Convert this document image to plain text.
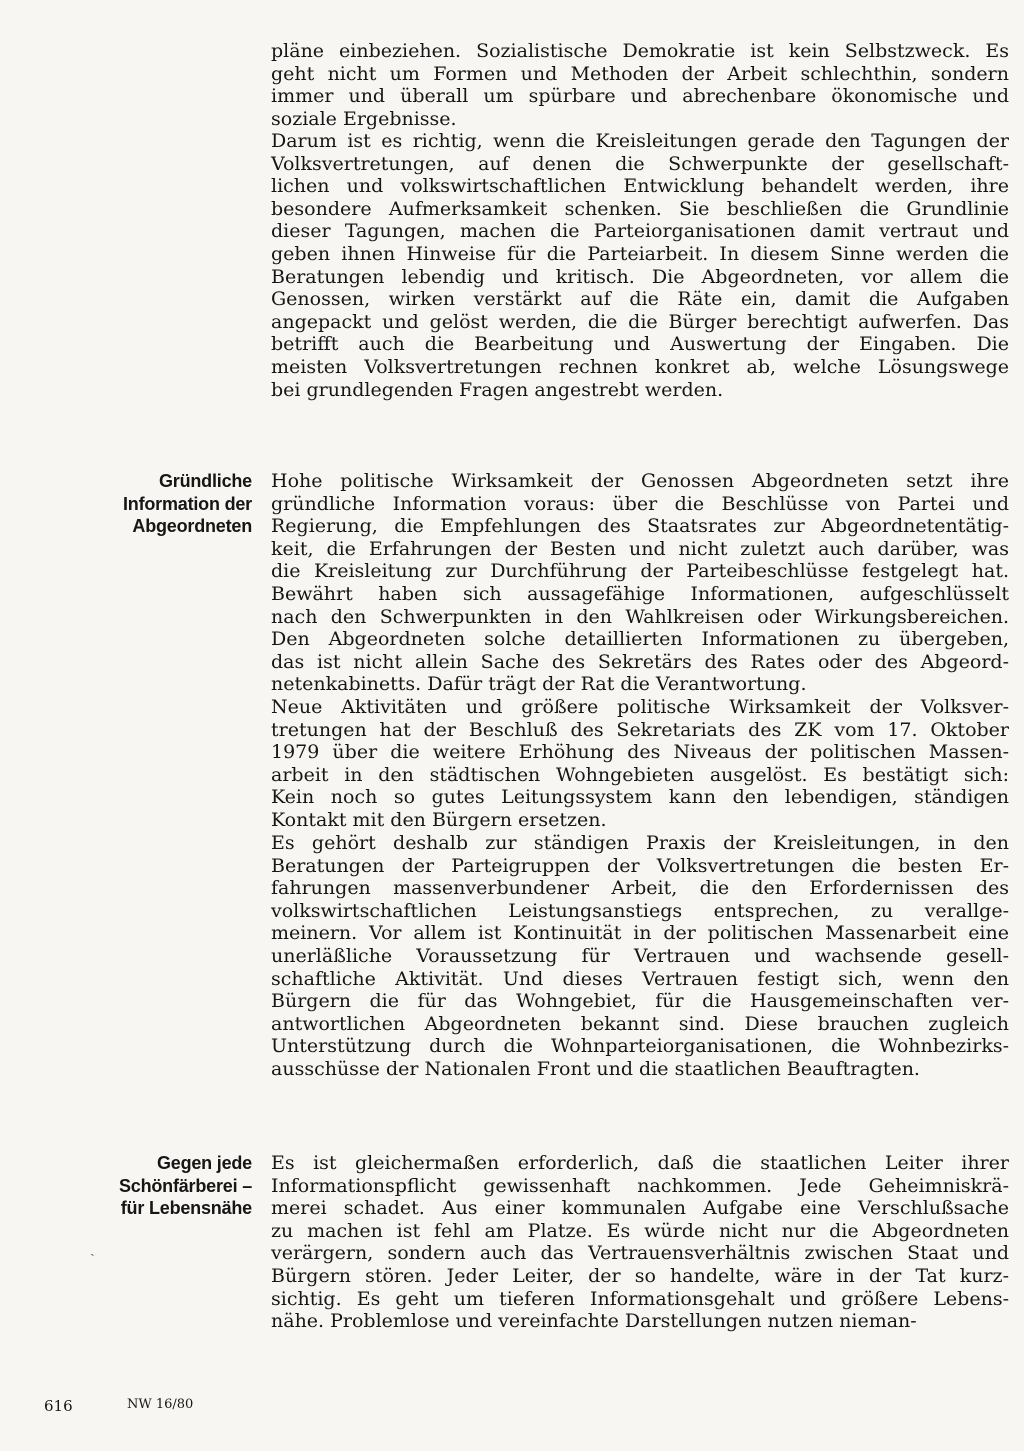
pläne einbeziehen. Sozialistische Demokratie ist kein Selbstzweck. Es
geht nicht um Formen und Methoden der Arbeit schlechthin, sondern
immer und überall um spürbare und abrechenbare ökonomische und
soziale Ergebnisse.

Darum ist es richtig, wenn die Kreisleitungen gerade den Tagungen der
Volksvertretungen, auf denen die Schwerpunkte der gesellschaft-
lichen und volkswirtschaftlichen Entwicklung behandelt werden, ihre
besondere Aufmerksamkeit schenken. Sie beschließen die Grundlinie
dieser Tagungen, machen die Parteiorganisationen damit vertraut und
geben ihnen Hinweise für die Parteiarbeit. In diesem Sinne werden die
Beratungen lebendig und kritisch. Die Abgeordneten, vor allem die
Genossen, wirken verstärkt auf die Räte ein, damit die Aufgaben
angepackt und gelöst werden, die die Bürger berechtigt aufwerfen. Das
betrifft auch die Bearbeitung und Auswertung der Eingaben. Die
meisten Volksvertretungen rechnen konkret ab, welche Lösungswege
bei grundlegenden Fragen angestrebt werden.

Gründliche
Information der
Abgeordneten

Hohe politische Wirksamkeit der Genossen Abgeordneten setzt ihre
gründliche Information voraus: über die Beschlüsse von Partei und
Regierung, die Empfehlungen des Staatsrates zur Abgeordnetentätig-
keit, die Erfahrungen der Besten und nicht zuletzt auch darüber, was
die Kreisleitung zur Durchführung der Parteibeschlüsse festgelegt hat.
Bewährt haben sich aussagefähige Informationen, aufgeschlüsselt
nach den Schwerpunkten in den Wahlkreisen oder Wirkungsbereichen.
Den Abgeordneten solche detaillierten Informationen zu übergeben,
das ist nicht allein Sache des Sekretärs des Rates oder des Abgeord-
netenkabinetts. Dafür trägt der Rat die Verantwortung.

Neue Aktivitäten und größere politische Wirksamkeit der Volksver-
tretungen hat der Beschluß des Sekretariats des ZK vom 17. Oktober
1979 über die weitere Erhöhung des Niveaus der politischen Massen-
arbeit in den städtischen Wohngebieten ausgelöst. Es bestätigt sich:
Kein noch so gutes Leitungssystem kann den lebendigen, ständigen
Kontakt mit den Bürgern ersetzen.

Es gehört deshalb zur ständigen Praxis der Kreisleitungen, in den
Beratungen der Parteigruppen der Volksvertretungen die besten Er-
fahrungen massenverbundener Arbeit, die den Erfordernissen des
volkswirtschaftlichen Leistungsanstiegs entsprechen, zu verallge-
meinern. Vor allem ist Kontinuität in der politischen Massenarbeit eine
unerläßliche Voraussetzung für Vertrauen und wachsende gesell-
schaftliche Aktivität. Und dieses Vertrauen festigt sich, wenn den
Bürgern die für das Wohngebiet, für die Hausgemeinschaften ver-
antwortlichen Abgeordneten bekannt sind. Diese brauchen zugleich
Unterstützung durch die Wohnparteiorganisationen, die Wohnbezirks-
ausschüsse der Nationalen Front und die staatlichen Beauftragten.

Gegen jede
Schönfärberei –
für Lebensnähe

Es ist gleichermaßen erforderlich, daß die staatlichen Leiter ihrer
Informationspflicht gewissenhaft nachkommen. Jede Geheimniskrä-
merei schadet. Aus einer kommunalen Aufgabe eine Verschlußsache
zu machen ist fehl am Platze. Es würde nicht nur die Abgeordneten
verärgern, sondern auch das Vertrauensverhältnis zwischen Staat und
Bürgern stören. Jeder Leiter, der so handelte, wäre in der Tat kurz-
sichtig. Es geht um tieferen Informationsgehalt und größere Lebens-
nähe. Problemlose und vereinfachte Darstellungen nutzen nieman-

ˏ

616	NW 16/80
